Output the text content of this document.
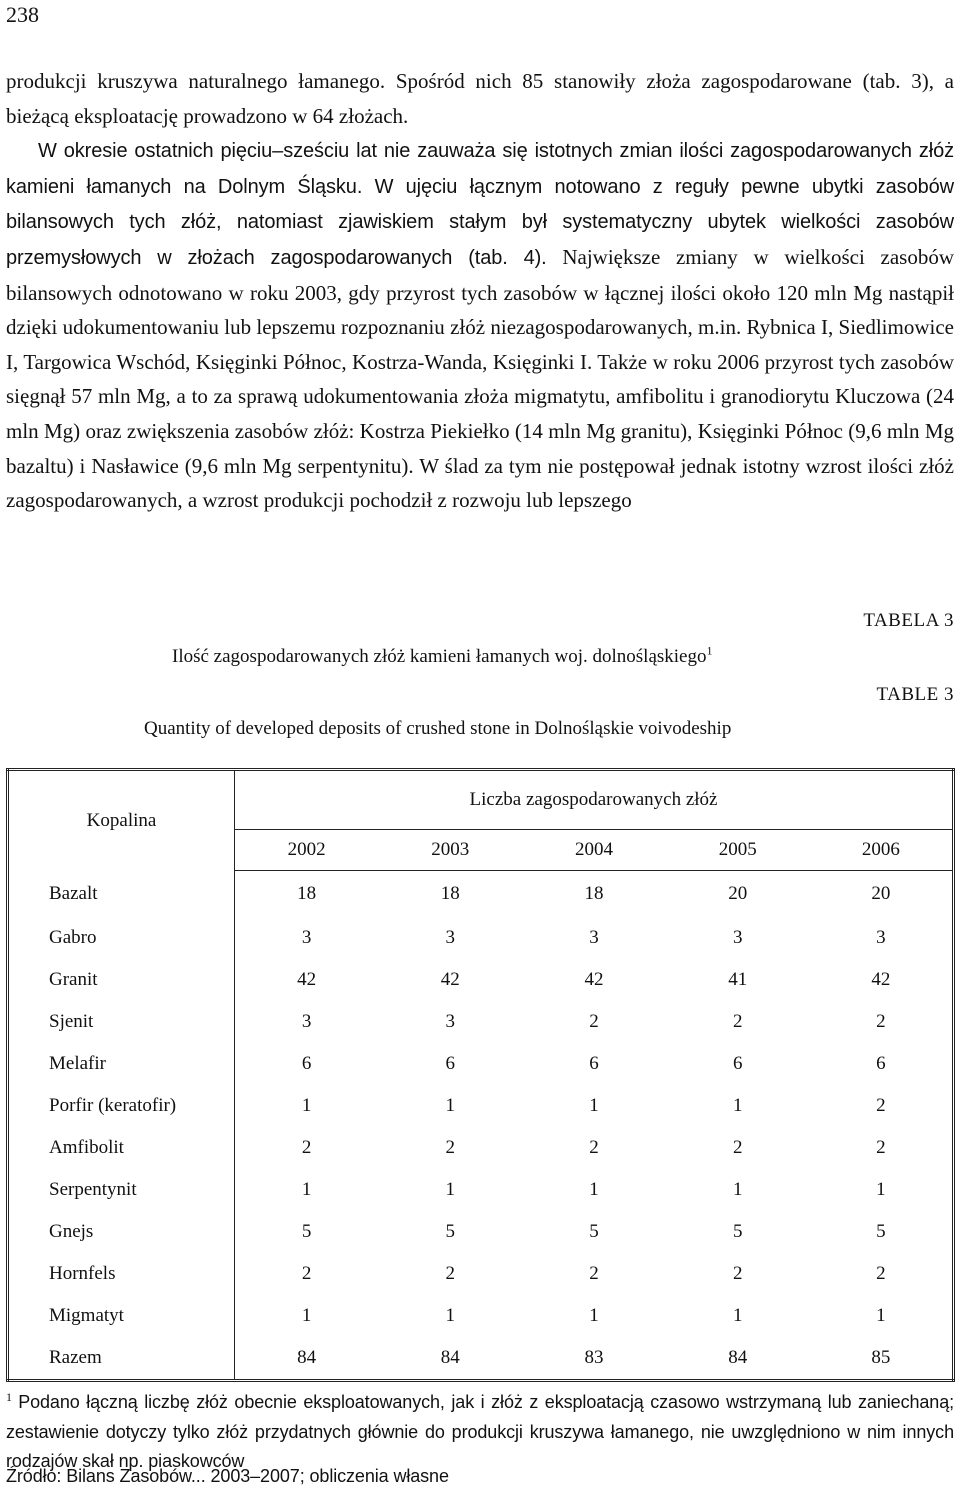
238

produkcji kruszywa naturalnego łamanego. Spośród nich 85 stanowiły złoża zagospodarowane (tab. 3), a bieżącą eksploatację prowadzono w 64 złożach.

W okresie ostatnich pięciu–sześciu lat nie zauważa się istotnych zmian ilości zagospodarowanych złóż kamieni łamanych na Dolnym Śląsku. W ujęciu łącznym notowano z reguły pewne ubytki zasobów bilansowych tych złóż, natomiast zjawiskiem stałym był systematyczny ubytek wielkości zasobów przemysłowych w złożach zagospodarowanych (tab. 4). Największe zmiany w wielkości zasobów bilansowych odnotowano w roku 2003, gdy przyrost tych zasobów w łącznej ilości około 120 mln Mg nastąpił dzięki udokumentowaniu lub lepszemu rozpoznaniu złóż niezagospodarowanych, m.in. Rybnica I, Siedlimowice I, Targowica Wschód, Księginki Północ, Kostrza-Wanda, Księginki I. Także w roku 2006 przyrost tych zasobów sięgnął 57 mln Mg, a to za sprawą udokumentowania złoża migmatytu, amfibolitu i granodiorytu Kluczowa (24 mln Mg) oraz zwiększenia zasobów złóż: Kostrza Piekiełko (14 mln Mg granitu), Księginki Północ (9,6 mln Mg bazaltu) i Nasławice (9,6 mln Mg serpentynitu). W ślad za tym nie postępował jednak istotny wzrost ilości złóż zagospodarowanych, a wzrost produkcji pochodził z rozwoju lub lepszego

TABELA 3
Ilość zagospodarowanych złóż kamieni łamanych woj. dolnośląskiego$^1$
TABLE 3
Quantity of developed deposits of crushed stone in Dolnośląskie voivodeship
Kopalina	Liczba zagospodarowanych złóż				
	2002	2003	2004	2005	2006
Bazalt	18	18	18	20	20
Gabro	3	3	3	3	3
Granit	42	42	42	41	42
Sjenit	3	3	2	2	2
Melafir	6	6	6	6	6
Porfir (keratofir)	1	1	1	1	2
Amfibolit	2	2	2	2	2
Serpentynit	1	1	1	1	1
Gnejs	5	5	5	5	5
Hornfels	2	2	2	2	2
Migmatyt	1	1	1	1	1
Razem	84	84	83	84	85

$^1$ Podano łączną liczbę złóż obecnie eksploatowanych, jak i złóż z eksploatacją czasowo wstrzymaną lub zaniechaną; zestawienie dotyczy tylko złóż przydatnych głównie do produkcji kruszywa łamanego, nie uwzględniono w nim innych rodzajów skał np. piaskowców

Źródło: Bilans Zasobów... 2003–2007; obliczenia własne
